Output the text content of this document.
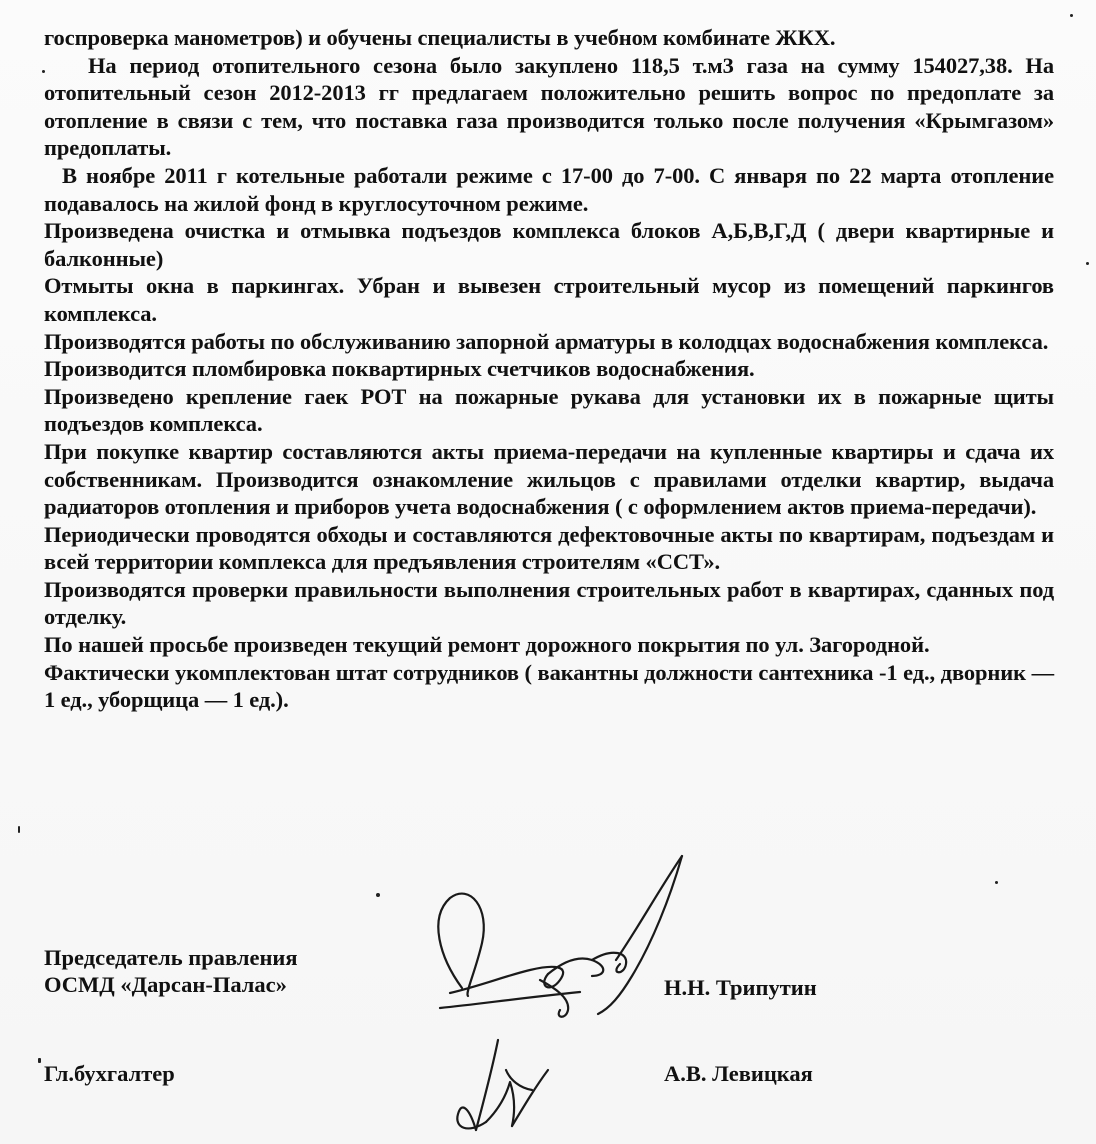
госпроверка манометров) и обучены специалисты в учебном комбинате ЖКХ.

На период отопительного сезона было закуплено 118,5 т.м3 газа на сумму 154027,38. На отопительный сезон 2012-2013 гг предлагаем положительно решить вопрос по предоплате за отопление в связи с тем, что поставка газа производится только после получения «Крымгазом» предоплаты.

В ноябре 2011 г котельные работали режиме с 17-00 до 7-00. С января по 22 марта отопление подавалось на жилой фонд в круглосуточном режиме.

Произведена очистка и отмывка подъездов комплекса блоков А,Б,В,Г,Д ( двери квартирные и балконные)

Отмыты окна в паркингах. Убран и вывезен строительный мусор из помещений паркингов комплекса.

Производятся работы по обслуживанию запорной арматуры в колодцах водоснабжения комплекса.

Производится пломбировка поквартирных счетчиков водоснабжения.

Произведено крепление гаек РОТ на пожарные рукава для установки их в пожарные щиты подъездов комплекса.

При покупке квартир составляются акты приема-передачи на купленные квартиры и сдача их собственникам. Производится ознакомление жильцов с правилами отделки квартир, выдача радиаторов отопления и приборов учета водоснабжения ( с оформлением актов приема-передачи).

Периодически проводятся обходы и составляются дефектовочные акты по квартирам, подъездам и всей территории комплекса для предъявления строителям «ССТ».

Производятся проверки правильности выполнения строительных работ в квартирах, сданных под отделку.

По нашей просьбе произведен текущий ремонт дорожного покрытия по ул. Загородной.

Фактически укомплектован штат сотрудников ( вакантны должности сантехника -1 ед., дворник — 1 ед., уборщица — 1 ед.).

Председатель правления
ОСМД «Дарсан-Палас»	Н.Н. Трипутин
Гл.бухгалтер	А.В. Левицкая
